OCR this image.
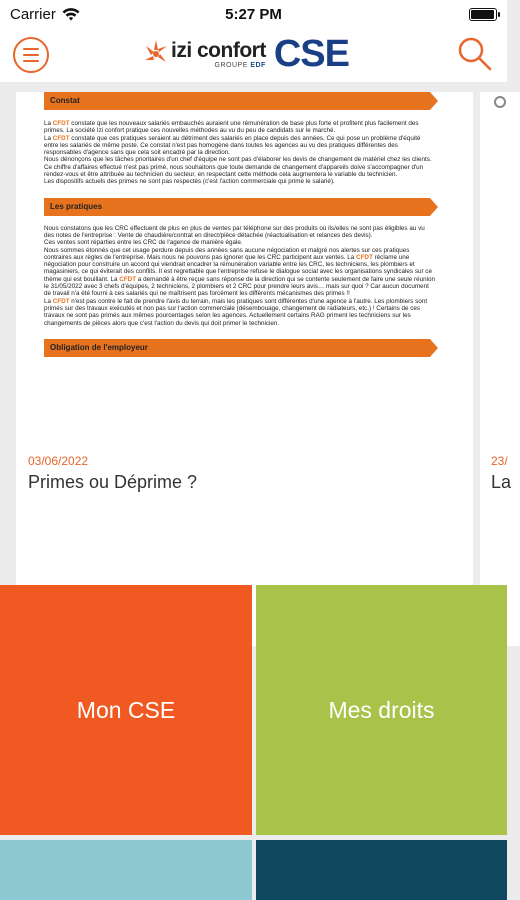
Carrier	5:27 PM
izi confort
GROUPE EDF CSE
Constat

La CFDT constate que les nouveaux salariés embauchés auraient une rémunération de base plus forte et profitent plus facilement des primes. La société Izi confort pratique ces nouvelles méthodes au vu du peu de candidats sur le marché.

La CFDT constate que ces pratiques seraient au détriment des salariés en place depuis des années. Ce qui pose un problème d'équité entre les salariés de même poste. Ce constat n'est pas homogène dans toutes les agences au vu des pratiques différentes des responsables d'agence sans que cela soit encadré par la direction.

Nous dénonçons que les tâches prioritaires d'un chef d'équipe ne sont pas d'élaborer les devis de changement de matériel chez les clients. Ce chiffre d'affaires effectué n'est pas primé, nous souhaitons que toute demande de changement d'appareils doive s'accompagner d'un rendez-vous et être attribuée au technicien du secteur, en respectant cette méthode cela augmentera le variable du technicien.

Les dispositifs actuels des primes ne sont pas respectés (c'est l'action commerciale qui prime le salarié).

Les pratiques

Nous constatons que les CRC effectuent de plus en plus de ventes par téléphone sur des produits où ils/elles ne sont pas éligibles au vu des notes de l'entreprise : Vente de chaudière/contrat en direct/pièce détachée (réactualisation et relances des devis).

Ces ventes sont réparties entre les CRC de l'agence de manière égale.

Nous sommes étonnés que cet usage perdure depuis des années sans aucune négociation et malgré nos alertes sur ces pratiques contraires aux règles de l'entreprise. Mais nous ne pouvons pas ignorer que les CRC participent aux ventes. La CFDT réclame une négociation pour construire un accord qui viendrait encadrer la rémunération variable entre les CRC, les techniciens, les plombiers et magasiniers, ce qui éviterait des conflits. Il est regrettable que l'entreprise refuse le dialogue social avec les organisations syndicales sur ce thème qui est bouillant. La CFDT a demandé à être reçue sans réponse de la direction qui se contente seulement de faire une seule réunion le 31/05/2022 avec 3 chefs d'équipes, 2 techniciens, 2 plombiers et 2 CRC pour prendre leurs avis… mais sur quoi ? Car aucun document de travail n'a été fourni à ces salariés qui ne maîtrisent pas forcément les différents mécanismes des primes !!

La CFDT n'est pas contre le fait de prendre l'avis du terrain, mais les pratiques sont différentes d'une agence à l'autre. Les plombiers sont primés sur des travaux exécutés et non pas sur l'action commerciale (désembouage, changement de radiateurs, etc.) ! Certains de ces travaux ne sont pas primés aux mêmes pourcentages selon les agences. Actuellement certains RAG priment les techniciens sur les changements de pièces alors que c'est l'action du devis qui doit primer le technicien.

Obligation de l'employeur
03/06/2022
Primes ou Déprime ?
23/
La
Mon CSE	Mes droits
